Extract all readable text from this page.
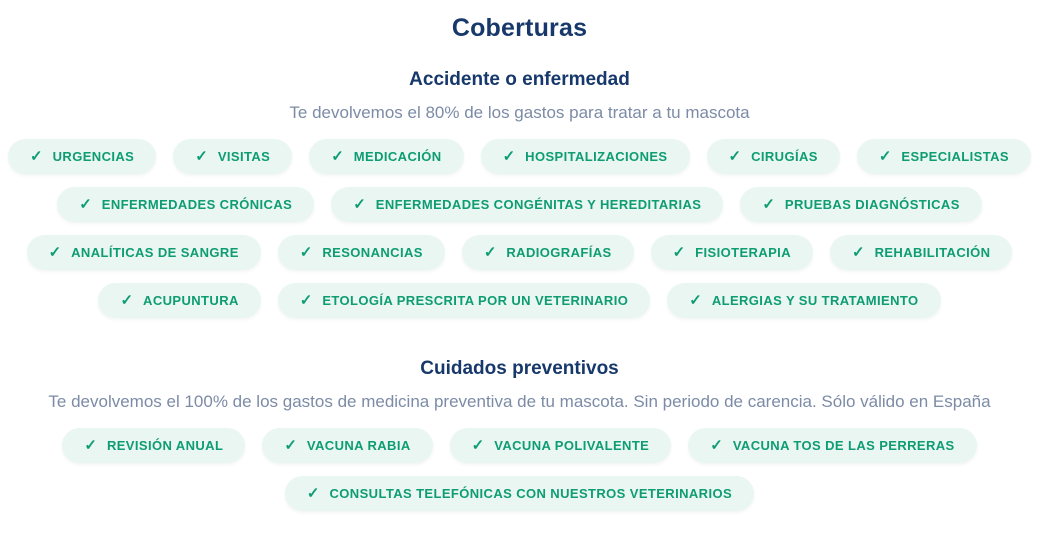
Coberturas
Accidente o enfermedad

Te devolvemos el 80% de los gastos para tratar a tu mascota

✓ URGENCIAS	✓ VISITAS	✓ MEDICACIÓN	✓ HOSPITALIZACIONES	✓ CIRUGÍAS	✓ ESPECIALISTAS
✓ ENFERMEDADES CRÓNICAS	✓ ENFERMEDADES CONGÉNITAS Y HEREDITARIAS	✓ PRUEBAS DIAGNÓSTICAS
✓ ANALÍTICAS DE SANGRE	✓ RESONANCIAS	✓ RADIOGRAFÍAS	✓ FISIOTERAPIA	✓ REHABILITACIÓN
✓ ACUPUNTURA	✓ ETOLOGÍA PRESCRITA POR UN VETERINARIO	✓ ALERGIAS Y SU TRATAMIENTO
Cuidados preventivos

Te devolvemos el 100% de los gastos de medicina preventiva de tu mascota. Sin periodo de carencia. Sólo válido en España

✓ REVISIÓN ANUAL	✓ VACUNA RABIA	✓ VACUNA POLIVALENTE	✓ VACUNA TOS DE LAS PERRERAS
✓ CONSULTAS TELEFÓNICAS CON NUESTROS VETERINARIOS
